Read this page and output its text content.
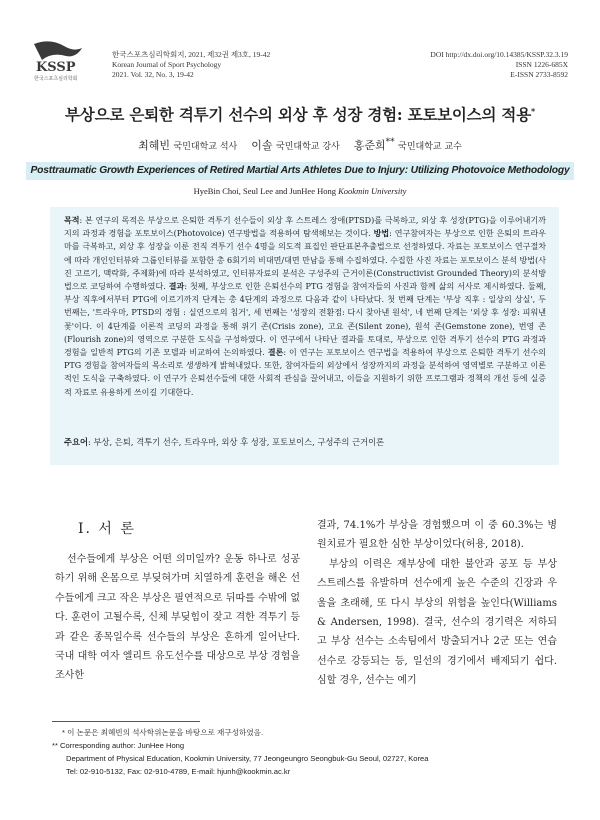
KSSP
한국스포츠심리학회
한국스포츠심리학회지, 2021, 제32권 제3호, 19-42
Korean Journal of Sport Psychology
2021. Vol. 32, No. 3, 19-42
DOI http://dx.doi.org/10.14385/KSSP.32.3.19
ISSN 1226-685X
E-ISSN 2733-8592
부상으로 은퇴한 격투기 선수의 외상 후 성장 경험: 포토보이스의 적용*
최혜빈 국민대학교 석사 이솔 국민대학교 강사 홍준희** 국민대학교 교수
Posttraumatic Growth Experiences of Retired Martial Arts Athletes Due to Injury: Utilizing Photovoice Methodology
HyeBin Choi, Seul Lee and JunHee Hong Kookmin University
목적: 본 연구의 목적은 부상으로 은퇴한 격투기 선수들이 외상 후 스트레스 장애(PTSD)를 극복하고, 외상 후 성장(PTG)을 이루어내기까지의 과정과 경험을 포토보이스(Photovoice) 연구방법을 적용하여 탐색해보는 것이다. 방법: 연구참여자는 부상으로 인한 은퇴의 트라우마를 극복하고, 외상 후 성장을 이룬 전직 격투기 선수 4명을 의도적 표집인 판단표본추출법으로 선정하였다. 자료는 포토보이스 연구절차에 따라 개인인터뷰와 그룹인터뷰를 포함한 총 6회기의 비대면/대면 만남을 통해 수집하였다. 수집한 사진 자료는 포토보이스 분석 방법(사진 고르기, 맥락화, 주제화)에 따라 분석하였고, 인터뷰자료의 분석은 구성주의 근거이론(Constructivist Grounded Theory)의 분석방법으로 코딩하여 수행하였다. 결과: 첫째, 부상으로 인한 은퇴선수의 PTG 경험을 참여자들의 사진과 함께 삶의 서사로 제시하였다. 둘째, 부상 직후에서부터 PTG에 이르기까지 단계는 총 4단계의 과정으로 다음과 같이 나타났다. 첫 번째 단계는 '부상 직후 : 일상의 상실', 두 번째는, '트라우마, PTSD의 경험 : 실연으로의 침거', 세 번째는 '성장의 전환점: 다시 찾아낸 원석', 네 번째 단계는 '외상 후 성장: 피워낸 꽃'이다. 이 4단계를 이론적 코딩의 과정을 통해 위기 존(Crisis zone), 고요 존(Silent zone), 원석 존(Gemstone zone), 번영 존(Flourish zone)의 영역으로 구분한 도식을 구성하였다. 이 연구에서 나타난 결과를 토대로, 부상으로 인한 격투기 선수의 PTG 과정과 경험을 일반적 PTG의 기존 모델과 비교하여 논의하였다. 결론: 이 연구는 포토보이스 연구법을 적용하여 부상으로 은퇴한 격투기 선수의 PTG 경험을 참여자들의 목소리로 생생하게 밝혀내었다. 또한, 참여자들의 외상에서 성장까지의 과정을 분석하여 영역별로 구분하고 이론적인 도식을 구축하였다. 이 연구가 은퇴선수들에 대한 사회적 관심을 끌어내고, 이들을 지원하기 위한 프로그램과 정책의 개선 등에 실증적 자료로 유용하게 쓰이길 기대한다.
주요어: 부상, 은퇴, 격투기 선수, 트라우마, 외상 후 성장, 포토보이스, 구성주의 근거이론
Ⅰ. 서 론
선수들에게 부상은 어떤 의미일까? 운동 하나로 성공하기 위해 온몸으로 부딪혀가며 치열하게 훈련을 해온 선수들에게 크고 작은 부상은 필연적으로 뒤따를 수밖에 없다. 훈련이 고될수록, 신체 부딪힘이 잦고 격한 격투기 등과 같은 종목일수록 선수들의 부상은 흔하게 일어난다. 국내 대학 여자 엘리트 유도선수를 대상으로 부상 경험을 조사한
결과, 74.1%가 부상을 경험했으며 이 중 60.3%는 병원치료가 필요한 심한 부상이었다(허용, 2018).
부상의 이력은 재부상에 대한 불안과 공포 등 부상 스트레스를 유발하며 선수에게 높은 수준의 긴장과 우울을 초래해, 또 다시 부상의 위험을 높인다(Williams & Andersen, 1998). 결국, 선수의 경기력은 저하되고 부상 선수는 소속팀에서 방출되거나 2군 또는 연습선수로 강등되는 등, 일선의 경기에서 배제되기 쉽다. 심할 경우, 선수는 예기
* 이 논문은 최혜빈의 석사학위논문을 바탕으로 재구성하였음.
** Corresponding author: JunHee Hong
Department of Physical Education, Kookmin University, 77 Jeongeungro Seongbuk-Gu Seoul, 02727, Korea
Tel: 02-910-5132, Fax: 02-910-4789, E-mail: hjunh@kookmin.ac.kr
